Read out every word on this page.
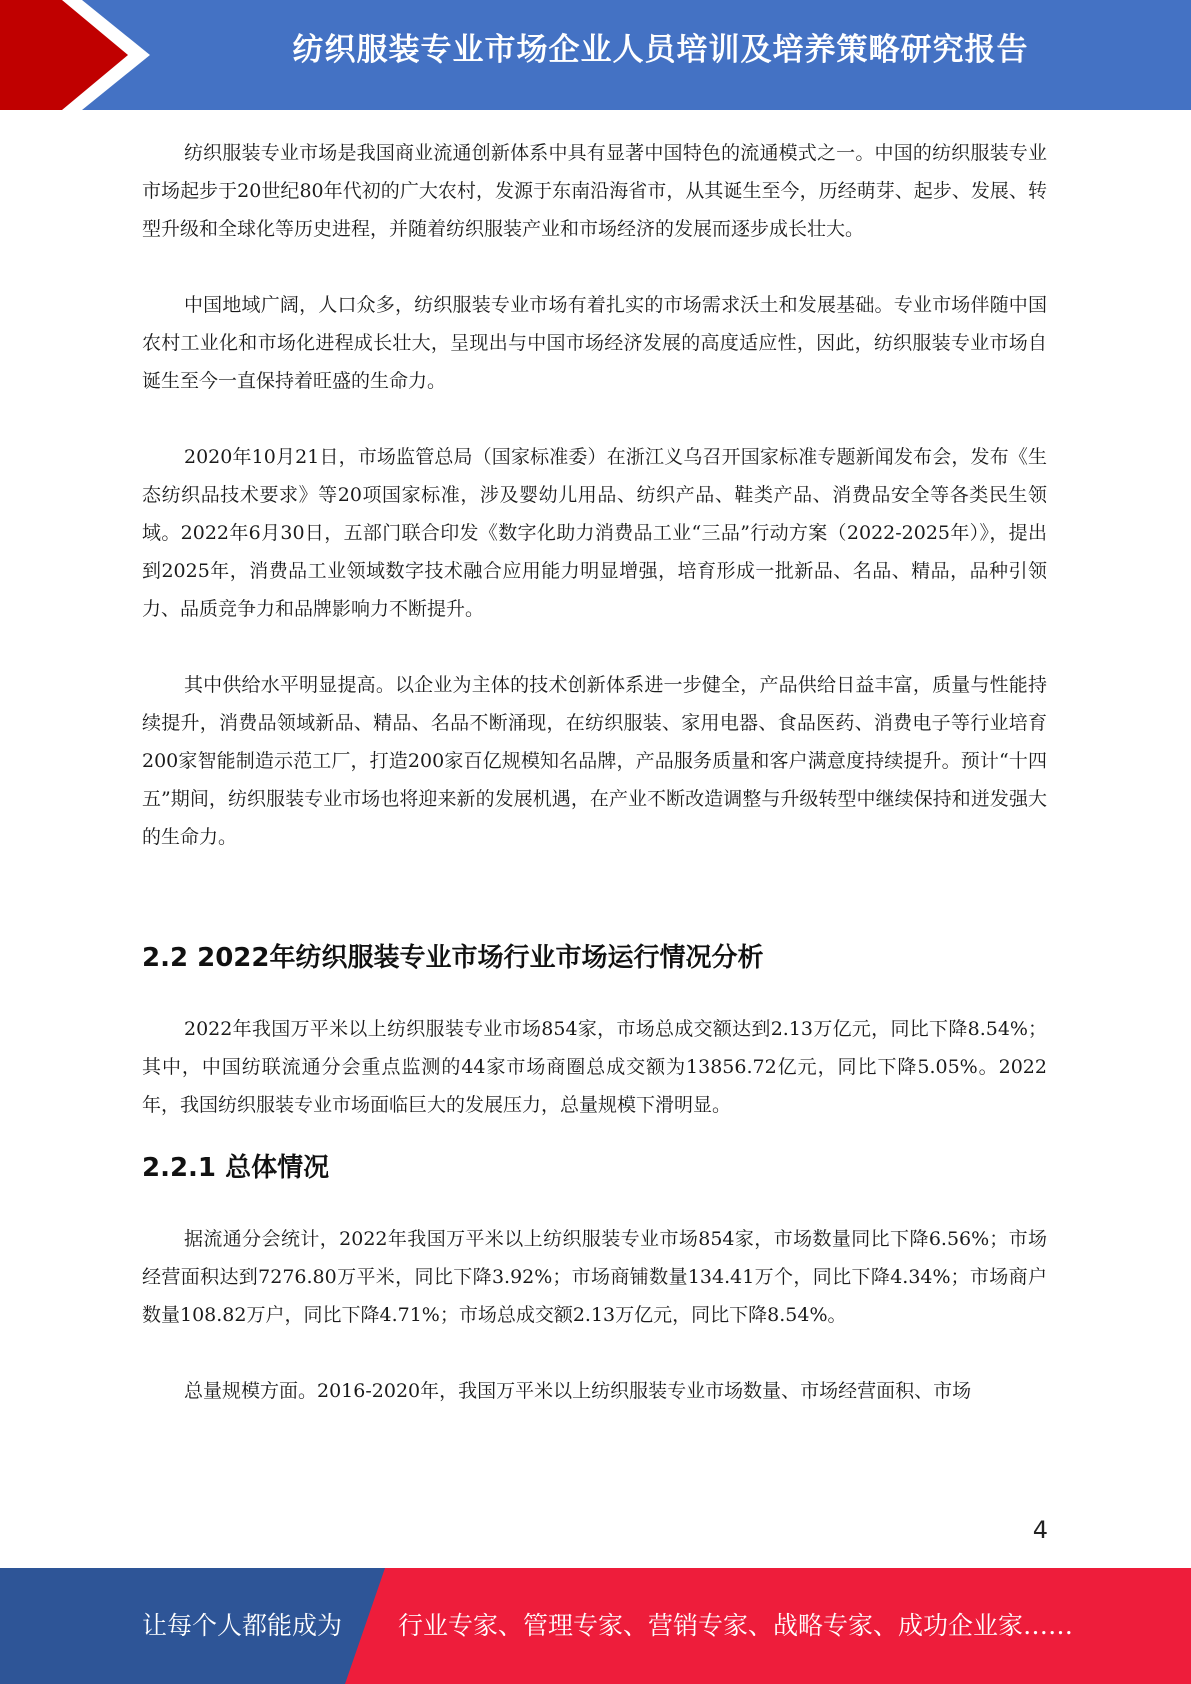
纺织服装专业市场企业人员培训及培养策略研究报告

纺织服装专业市场是我国商业流通创新体系中具有显著中国特色的流通模式之一。中国的纺织服装专业市场起步于20世纪80年代初的广大农村，发源于东南沿海省市，从其诞生至今，历经萌芽、起步、发展、转型升级和全球化等历史进程，并随着纺织服装产业和市场经济的发展而逐步成长壮大。

中国地域广阔，人口众多，纺织服装专业市场有着扎实的市场需求沃土和发展基础。专业市场伴随中国农村工业化和市场化进程成长壮大，呈现出与中国市场经济发展的高度适应性，因此，纺织服装专业市场自诞生至今一直保持着旺盛的生命力。

2020年10月21日，市场监管总局（国家标准委）在浙江义乌召开国家标准专题新闻发布会，发布《生态纺织品技术要求》等20项国家标准，涉及婴幼儿用品、纺织产品、鞋类产品、消费品安全等各类民生领域。2022年6月30日，五部门联合印发《数字化助力消费品工业“三品”行动方案（2022-2025年）》，提出到2025年，消费品工业领域数字技术融合应用能力明显增强，培育形成一批新品、名品、精品，品种引领力、品质竞争力和品牌影响力不断提升。

其中供给水平明显提高。以企业为主体的技术创新体系进一步健全，产品供给日益丰富，质量与性能持续提升，消费品领域新品、精品、名品不断涌现，在纺织服装、家用电器、食品医药、消费电子等行业培育200家智能制造示范工厂，打造200家百亿规模知名品牌，产品服务质量和客户满意度持续提升。预计“十四五”期间，纺织服装专业市场也将迎来新的发展机遇，在产业不断改造调整与升级转型中继续保持和迸发强大的生命力。

2.2 2022年纺织服装专业市场行业市场运行情况分析

2022年我国万平米以上纺织服装专业市场854家，市场总成交额达到2.13万亿元，同比下降8.54%；其中，中国纺联流通分会重点监测的44家市场商圈总成交额为13856.72亿元，同比下降5.05%。2022年，我国纺织服装专业市场面临巨大的发展压力，总量规模下滑明显。

2.2.1 总体情况

据流通分会统计，2022年我国万平米以上纺织服装专业市场854家，市场数量同比下降6.56%；市场经营面积达到7276.80万平米，同比下降3.92%；市场商铺数量134.41万个，同比下降4.34%；市场商户数量108.82万户，同比下降4.71%；市场总成交额2.13万亿元，同比下降8.54%。

总量规模方面。2016-2020年，我国万平米以上纺织服装专业市场数量、市场经营面积、市场

4
让每个人都能成为 行业专家、管理专家、营销专家、战略专家、成功企业家……
